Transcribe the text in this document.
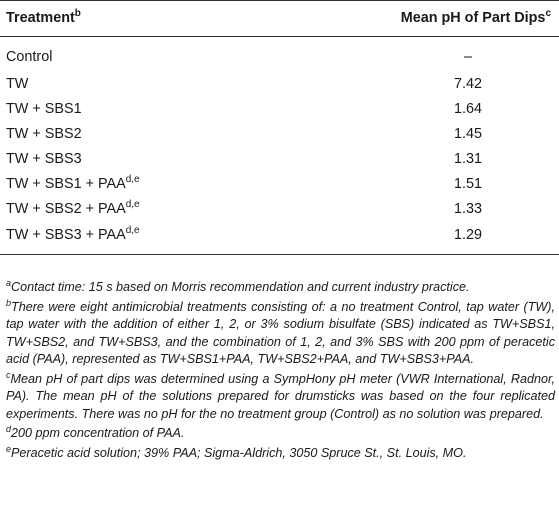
Treatment$^b$	Mean pH of Part Dips$^c$
Control	–
TW	7.42
TW + SBS1	1.64
TW + SBS2	1.45
TW + SBS3	1.31
TW + SBS1 + PAA$^{d,e}$	1.51
TW + SBS2 + PAA$^{d,e}$	1.33
TW + SBS3 + PAA$^{d,e}$	1.29

$^a$Contact time: 15 s based on Morris recommendation and current industry practice.

$^b$There were eight antimicrobial treatments consisting of: a no treatment Control, tap water (TW), tap water with the addition of either 1, 2, or 3% sodium bisulfate (SBS) indicated as TW+SBS1, TW+SBS2, and TW+SBS3, and the combination of 1, 2, and 3% SBS with 200 ppm of peracetic acid (PAA), represented as TW+SBS1+PAA, TW+SBS2+PAA, and TW+SBS3+PAA.

$^c$Mean pH of part dips was determined using a SympHony pH meter (VWR International, Radnor, PA). The mean pH of the solutions prepared for drumsticks was based on the four replicated experiments. There was no pH for the no treatment group (Control) as no solution was prepared.

$^d$200 ppm concentration of PAA.

$^e$Peracetic acid solution; 39% PAA; Sigma-Aldrich, 3050 Spruce St., St. Louis, MO.
